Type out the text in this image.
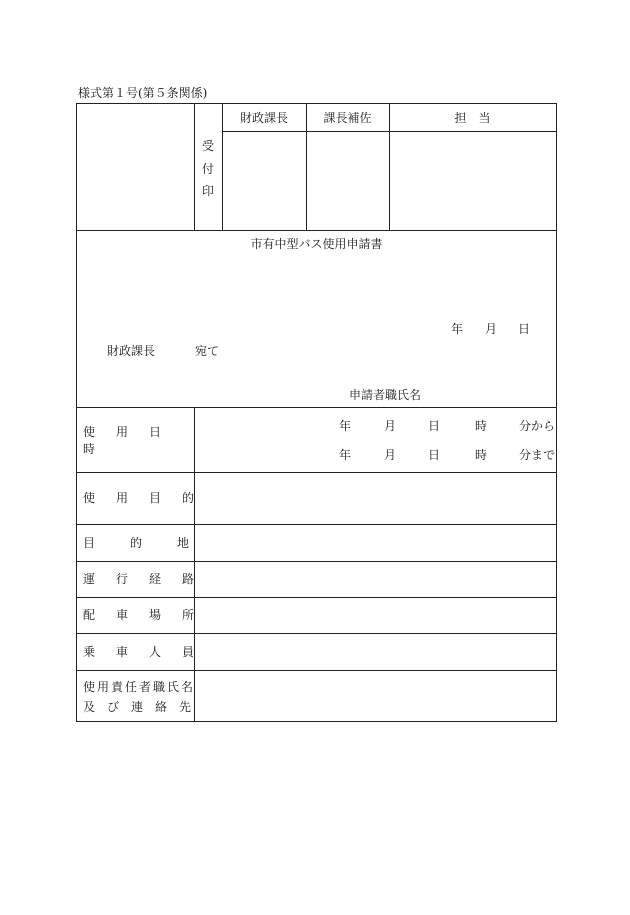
様式第１号(第５条関係)
受
付
印
財政課長	課長補佐	担　当
市有中型バス使用申請書
年 月 日
財政課長	宛て
申請者職氏名
使用日時
年	月	日	時	分から
年	月	日	時	分まで
使用目的
目的地
運行経路
配車場所
乗車人員
使用責任者職氏名
及び連絡先
